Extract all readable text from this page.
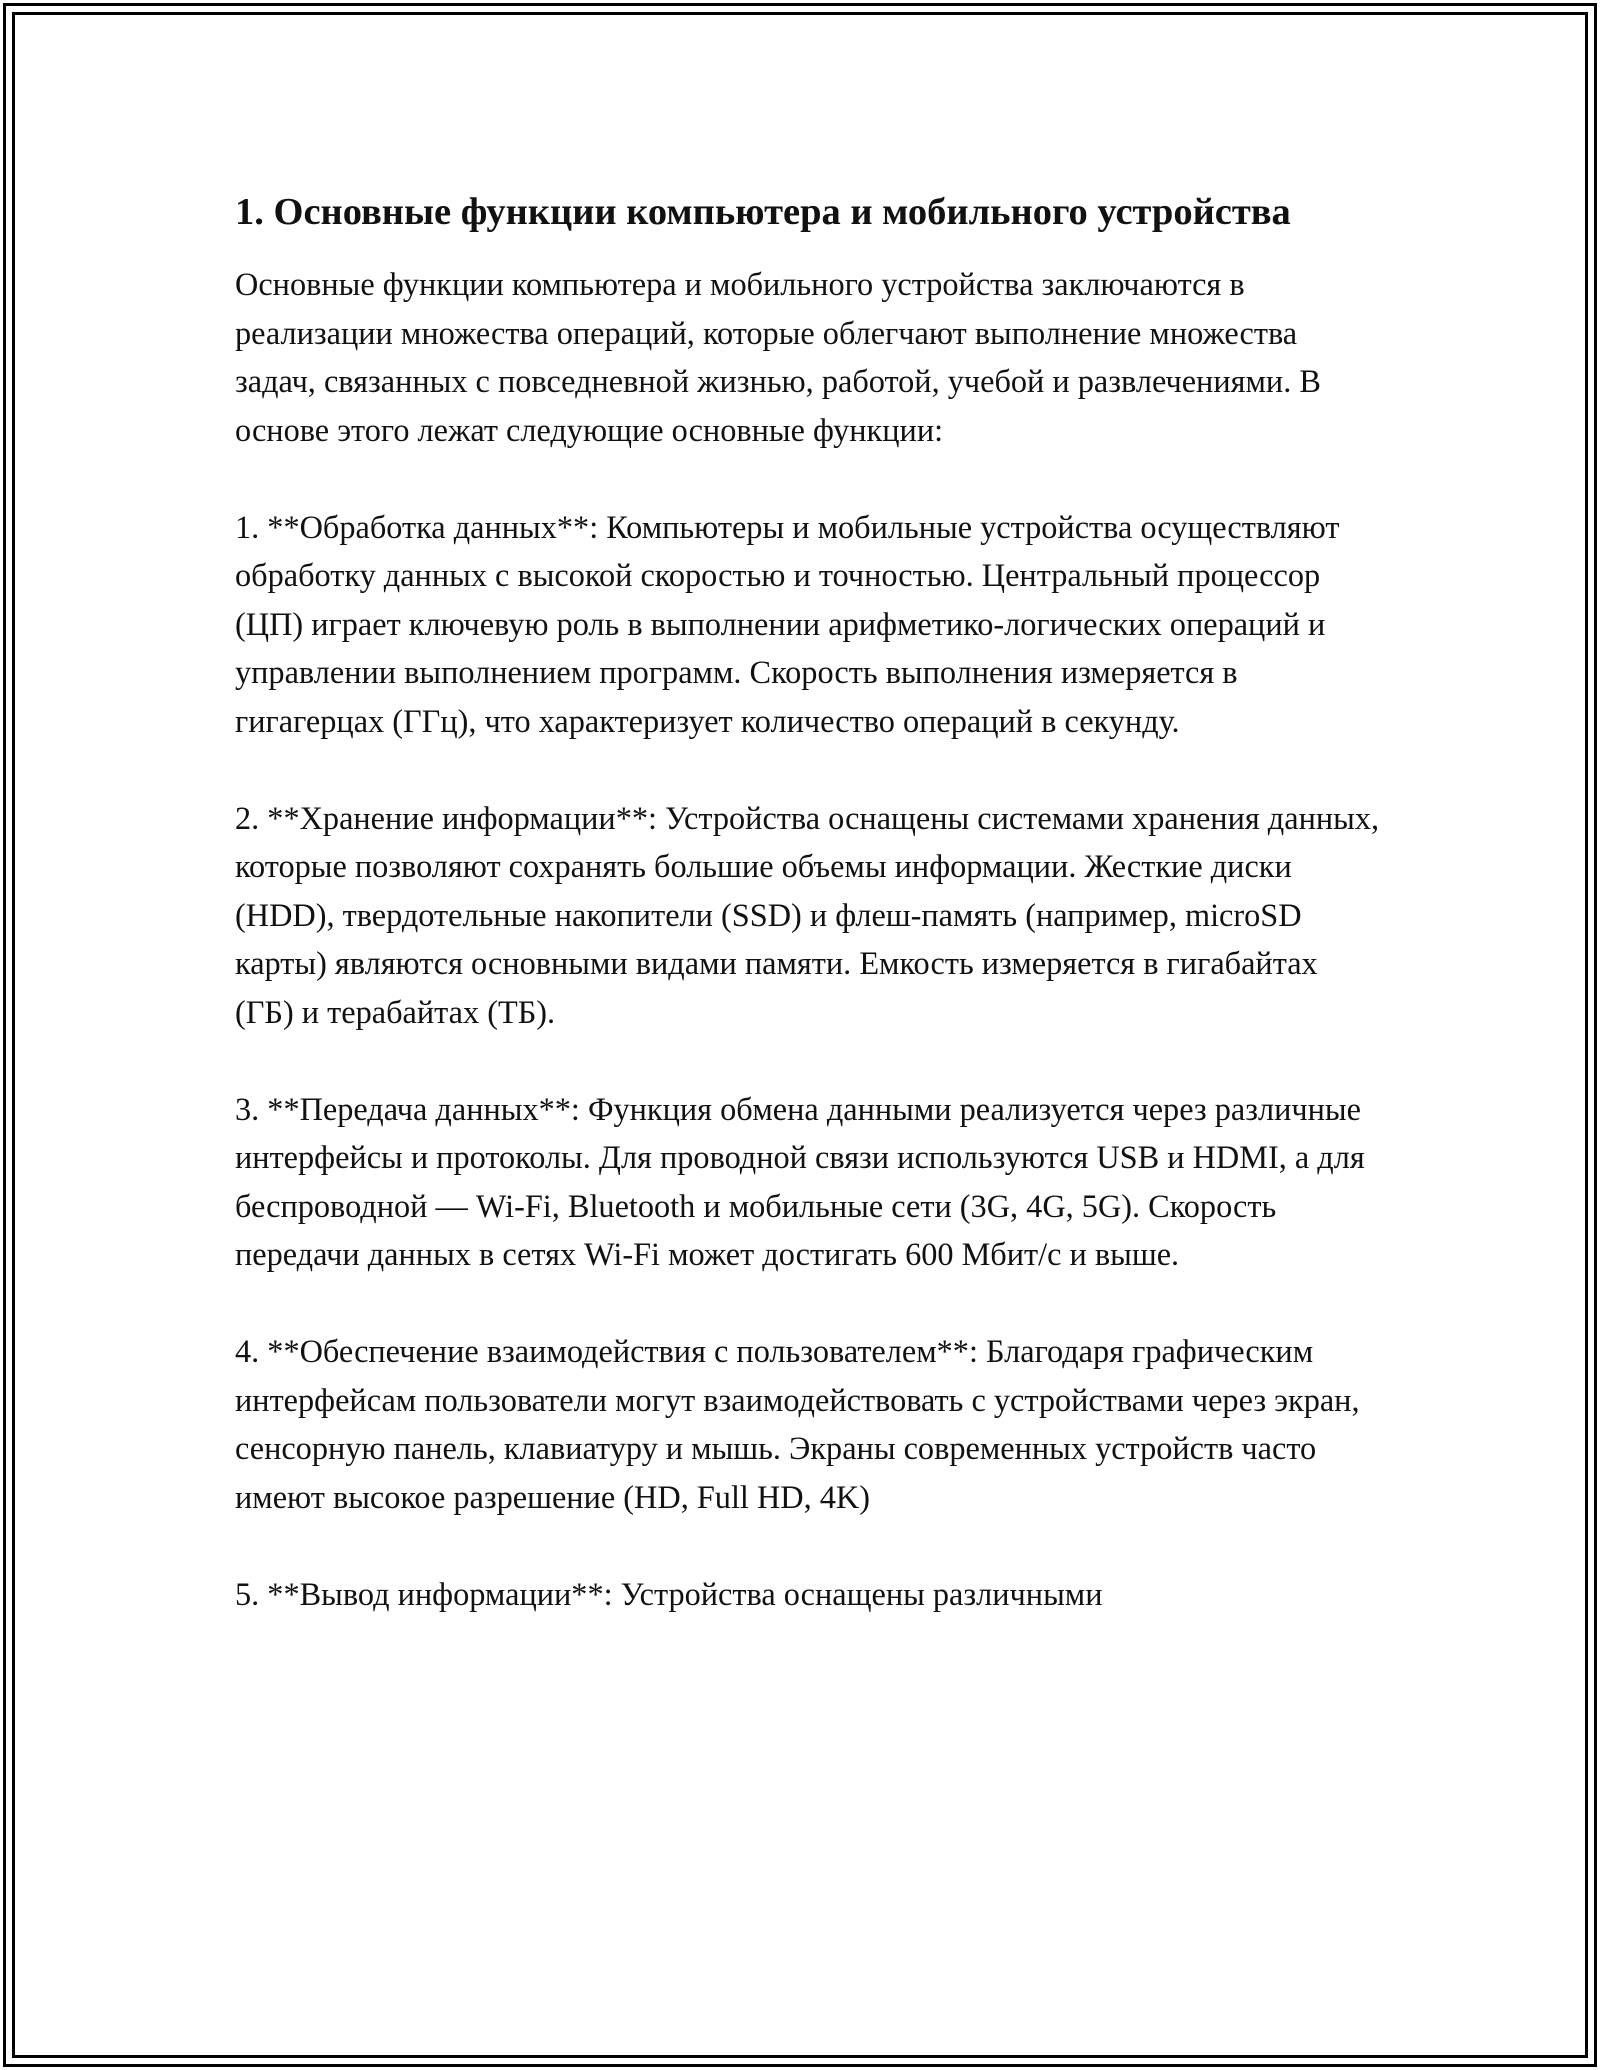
1. Основные функции компьютера и мобильного устройства

Основные функции компьютера и мобильного устройства заключаются в реализации множества операций, которые облегчают выполнение множества задач, связанных с повседневной жизнью, работой, учебой и развлечениями. В основе этого лежат следующие основные функции:

1. **Обработка данных**: Компьютеры и мобильные устройства осуществляют обработку данных с высокой скоростью и точностью. Центральный процессор (ЦП) играет ключевую роль в выполнении арифметико-логических операций и управлении выполнением программ. Скорость выполнения измеряется в гигагерцах (ГГц), что характеризует количество операций в секунду.

2. **Хранение информации**: Устройства оснащены системами хранения данных, которые позволяют сохранять большие объемы информации. Жесткие диски (HDD), твердотельные накопители (SSD) и флеш-память (например, microSD карты) являются основными видами памяти. Емкость измеряется в гигабайтах (ГБ) и терабайтах (ТБ).

3. **Передача данных**: Функция обмена данными реализуется через различные интерфейсы и протоколы. Для проводной связи используются USB и HDMI, а для беспроводной — Wi-Fi, Bluetooth и мобильные сети (3G, 4G, 5G). Скорость передачи данных в сетях Wi-Fi может достигать 600 Мбит/с и выше.

4. **Обеспечение взаимодействия с пользователем**: Благодаря графическим интерфейсам пользователи могут взаимодействовать с устройствами через экран, сенсорную панель, клавиатуру и мышь. Экраны современных устройств часто имеют высокое разрешение (HD, Full HD, 4K)

5. **Вывод информации**: Устройства оснащены различными
